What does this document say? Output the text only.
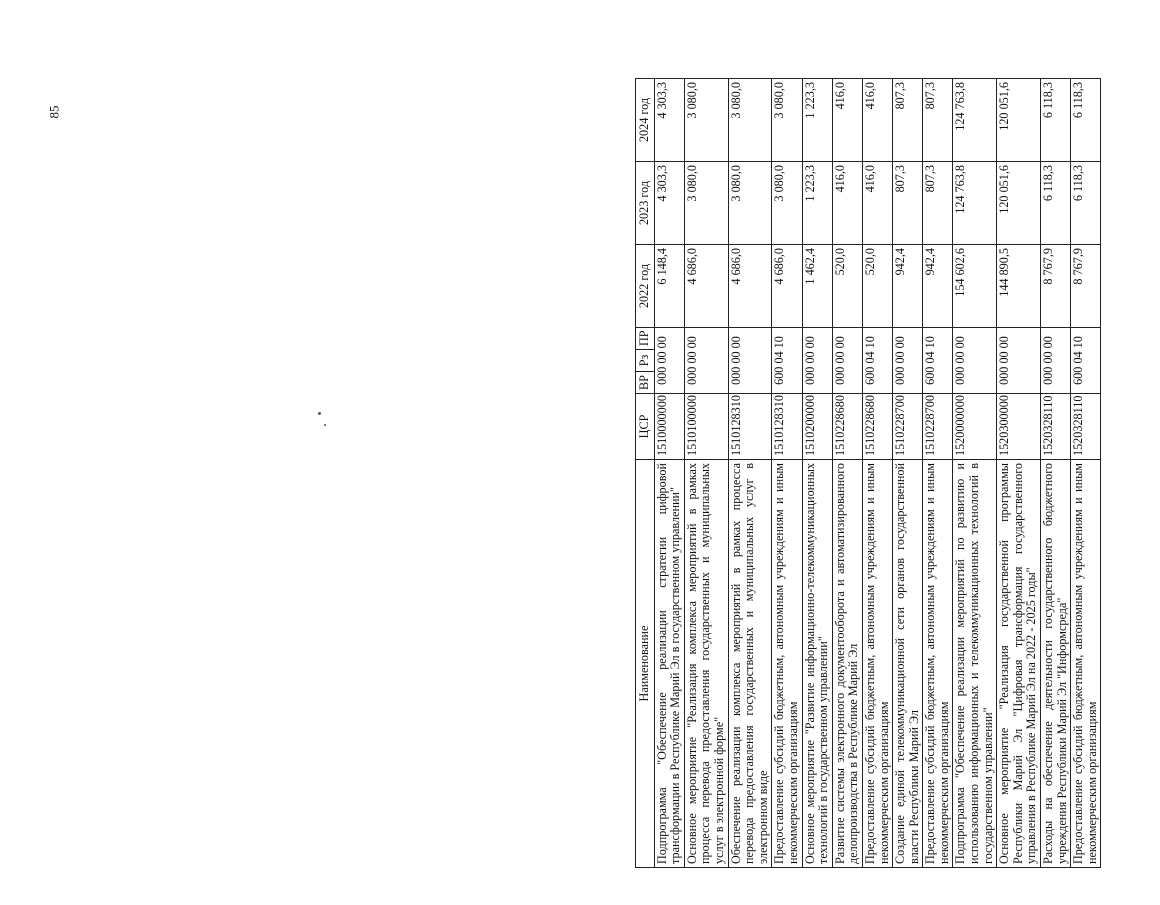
85
Наименование	ЦСР	ВР	Рз	ПР	2022 год	2023 год	2024 год
Подпрограмма "Обеспечение реализации стратегии цифровой трансформации в Республике Марий Эл в государственном управлении"	1510000000	000 00 00			6 148,4	4 303,3	4 303,3
Основное мероприятие "Реализация комплекса мероприятий в рамках процесса перевода предоставления государственных и муниципальных услуг в электронной форме"	1510100000	000 00 00			4 686,0	3 080,0	3 080,0
Обеспечение реализации комплекса мероприятий в рамках процесса перевода предоставления государственных и муниципальных услуг в электронном виде	1510128310	000 00 00			4 686,0	3 080,0	3 080,0
Предоставление субсидий бюджетным, автономным учреждениям и иным некоммерческим организациям	1510128310	600 04 10			4 686,0	3 080,0	3 080,0
Основное мероприятие "Развитие информационно-телекоммуникационных технологий в государственном управлении"	1510200000	000 00 00			1 462,4	1 223,3	1 223,3
Развитие системы электронного документооборота и автоматизированного делопроизводства в Республике Марий Эл	1510228680	000 00 00			520,0	416,0	416,0
Предоставление субсидий бюджетным, автономным учреждениям и иным некоммерческим организациям	1510228680	600 04 10			520,0	416,0	416,0
Создание единой телекоммуникационной сети органов государственной власти Республики Марий Эл	1510228700	000 00 00			942,4	807,3	807,3
Предоставление субсидий бюджетным, автономным учреждениям и иным некоммерческим организациям	1510228700	600 04 10			942,4	807,3	807,3
Подпрограмма "Обеспечение реализации мероприятий по развитию и использованию информационных и телекоммуникационных технологий в государственном управлении"	1520000000	000 00 00			154 602,6	124 763,8	124 763,8
Основное мероприятие "Реализация государственной программы Республики Марий Эл "Цифровая трансформация государственного управления в Республике Марий Эл на 2022 - 2025 годы"	1520300000	000 00 00			144 890,5	120 051,6	120 051,6
Расходы на обеспечение деятельности государственного бюджетного учреждения Республики Марий Эл "Информсреда"	1520328110	000 00 00			8 767,9	6 118,3	6 118,3
Предоставление субсидий бюджетным, автономным учреждениям и иным некоммерческим организациям	1520328110	600 04 10			8 767,9	6 118,3	6 118,3
